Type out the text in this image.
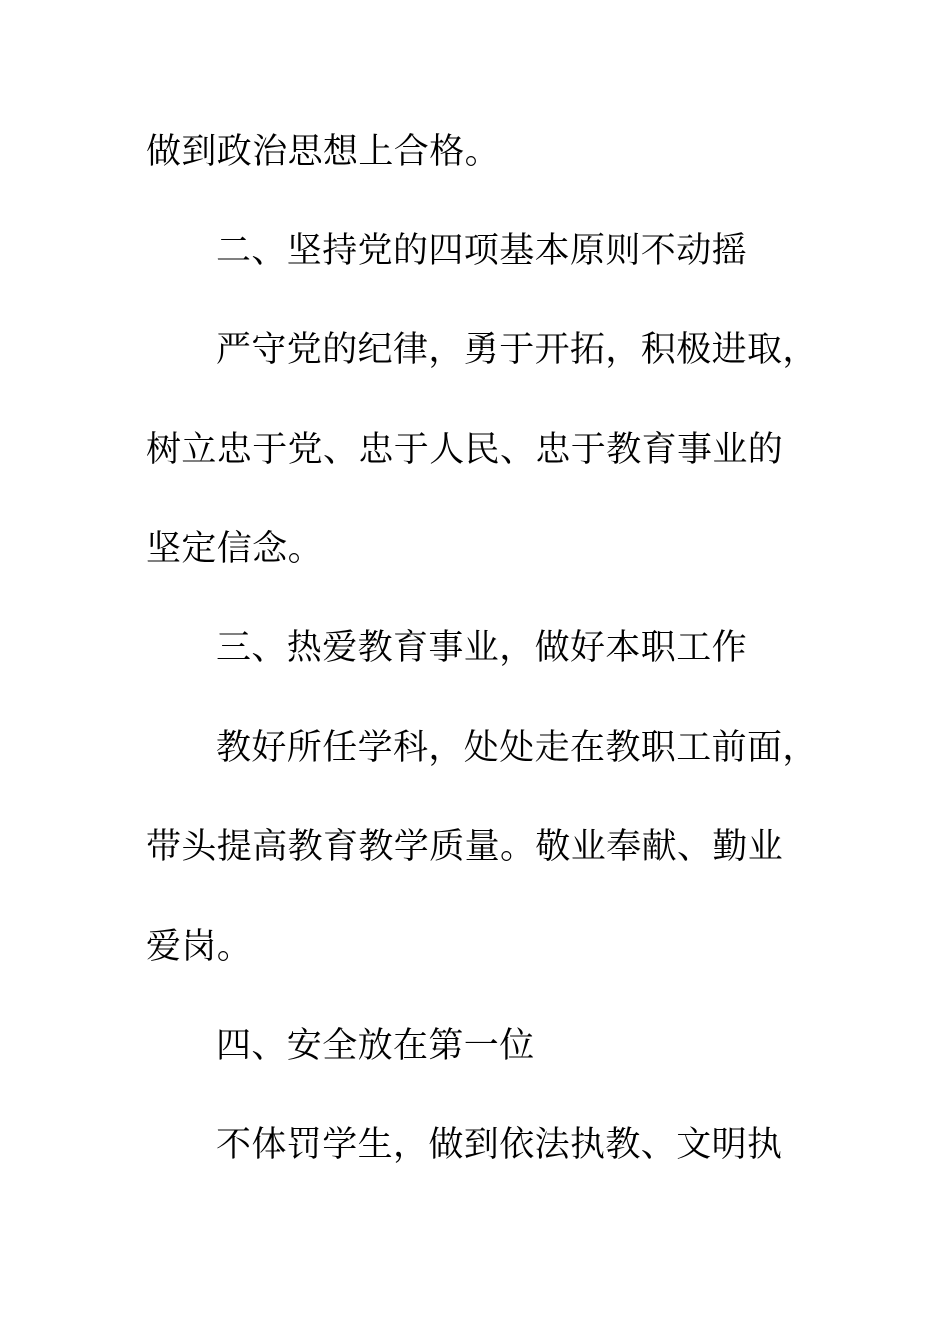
做到政治思想上合格。
二、坚持党的四项基本原则不动摇
严守党的纪律，勇于开拓，积极进取，
树立忠于党、忠于人民、忠于教育事业的
坚定信念。
三、热爱教育事业，做好本职工作
教好所任学科，处处走在教职工前面，
带头提高教育教学质量。敬业奉献、勤业
爱岗。
四、安全放在第一位
不体罚学生，做到依法执教、文明执
